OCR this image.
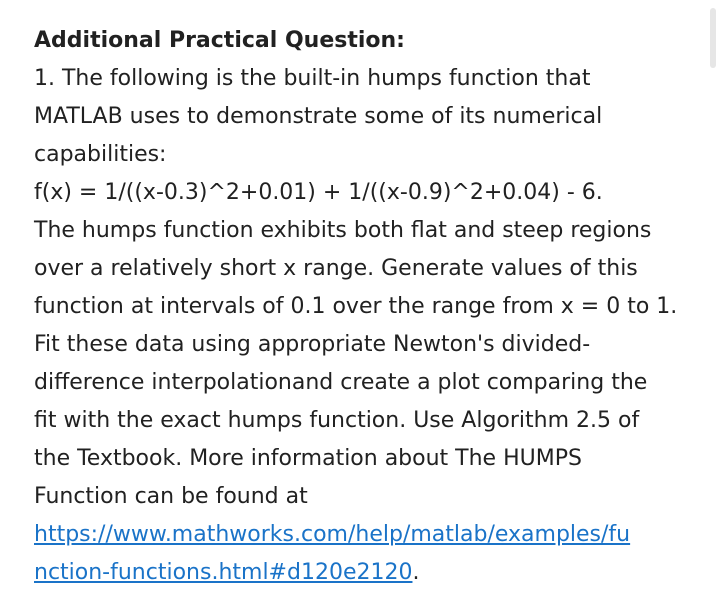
Additional Practical Question:

1. The following is the built-in humps function that

MATLAB uses to demonstrate some of its numerical

capabilities:

f(x) = 1/((x-0.3)^2+0.01) + 1/((x-0.9)^2+0.04) - 6.

The humps function exhibits both flat and steep regions

over a relatively short x range. Generate values of this

function at intervals of 0.1 over the range from x = 0 to 1.

Fit these data using appropriate Newton's divided-

difference interpolationand create a plot comparing the

fit with the exact humps function. Use Algorithm 2.5 of

the Textbook. More information about The HUMPS

Function can be found at

https://www.mathworks.com/help/matlab/examples/fu

nction-functions.html#d120e2120.
